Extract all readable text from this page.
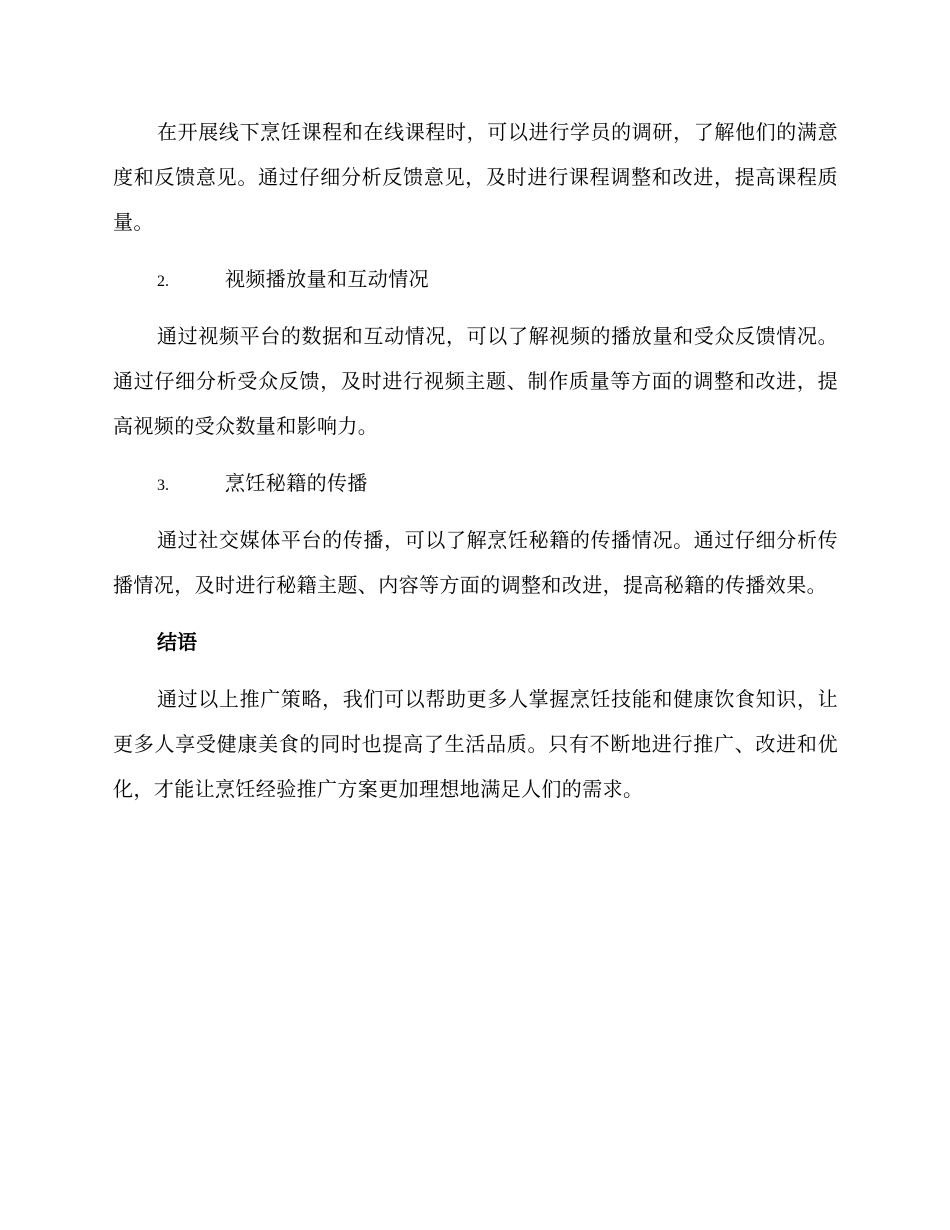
在开展线下烹饪课程和在线课程时，可以进行学员的调研，了解他们的满意度和反馈意见。通过仔细分析反馈意见，及时进行课程调整和改进，提高课程质量。

2.	视频播放量和互动情况

通过视频平台的数据和互动情况，可以了解视频的播放量和受众反馈情况。通过仔细分析受众反馈，及时进行视频主题、制作质量等方面的调整和改进，提高视频的受众数量和影响力。

3.	烹饪秘籍的传播

通过社交媒体平台的传播，可以了解烹饪秘籍的传播情况。通过仔细分析传播情况，及时进行秘籍主题、内容等方面的调整和改进，提高秘籍的传播效果。

结语

通过以上推广策略，我们可以帮助更多人掌握烹饪技能和健康饮食知识，让更多人享受健康美食的同时也提高了生活品质。只有不断地进行推广、改进和优化，才能让烹饪经验推广方案更加理想地满足人们的需求。
